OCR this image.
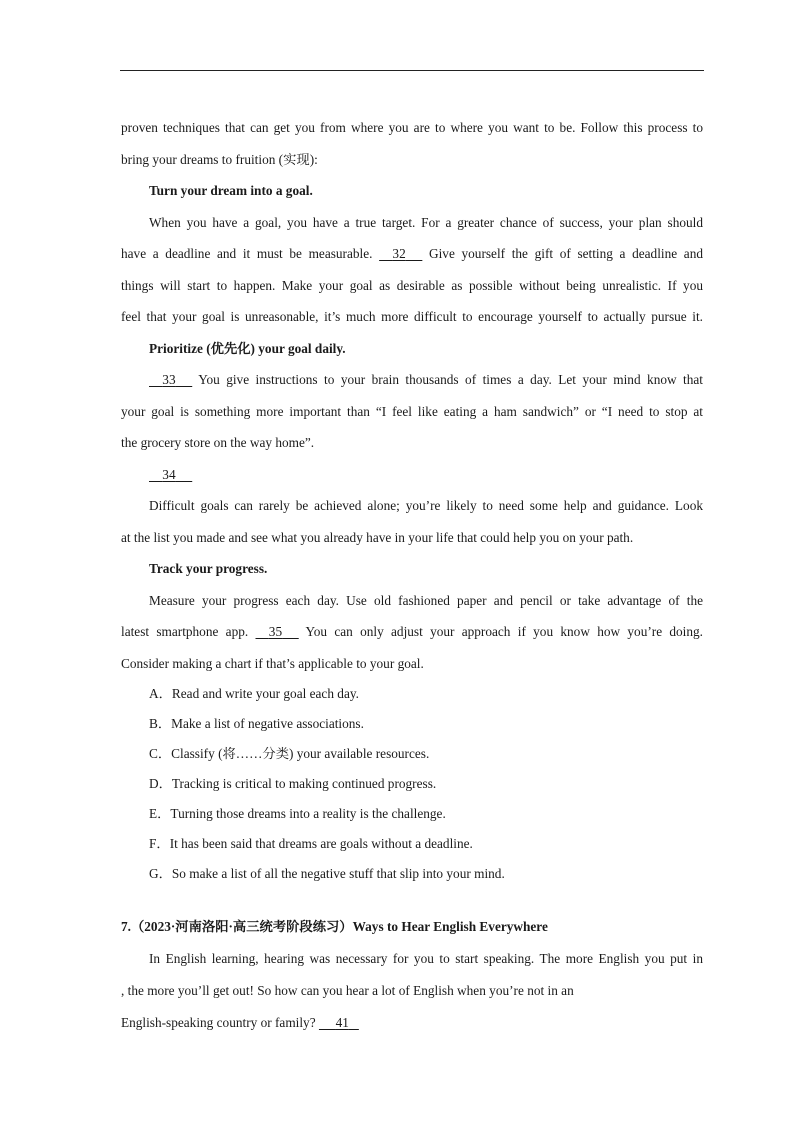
proven techniques that can get you from where you are to where you want to be. Follow this process to

bring your dreams to fruition (实现):

Turn your dream into a goal.

When you have a goal, you have a true target. For a greater chance of success, your plan should

have a deadline and it must be measurable. 32 Give yourself the gift of setting a deadline and

things will start to happen. Make your goal as desirable as possible without being unrealistic. If you

feel that your goal is unreasonable, it’s much more difficult to encourage yourself to actually pursue it.

Prioritize (优先化) your goal daily.

33 You give instructions to your brain thousands of times a day. Let your mind know that

your goal is something more important than “I feel like eating a ham sandwich” or “I need to stop at

the grocery store on the way home”.

34

Difficult goals can rarely be achieved alone; you’re likely to need some help and guidance. Look

at the list you made and see what you already have in your life that could help you on your path.

Track your progress.

Measure your progress each day. Use old fashioned paper and pencil or take advantage of the

latest smartphone app. 35 You can only adjust your approach if you know how you’re doing.

Consider making a chart if that’s applicable to your goal.

A．Read and write your goal each day.

B．Make a list of negative associations.

C．Classify (将……分类) your available resources.

D．Tracking is critical to making continued progress.

E．Turning those dreams into a reality is the challenge.

F．It has been said that dreams are goals without a deadline.

G．So make a list of all the negative stuff that slip into your mind.

7.（2023·河南洛阳·高三统考阶段练习）Ways to Hear English Everywhere

In English learning, hearing was necessary for you to start speaking. The more English you put in

, the more you’ll get out! So how can you hear a lot of English when you’re not in an

English-speaking country or family? 41
